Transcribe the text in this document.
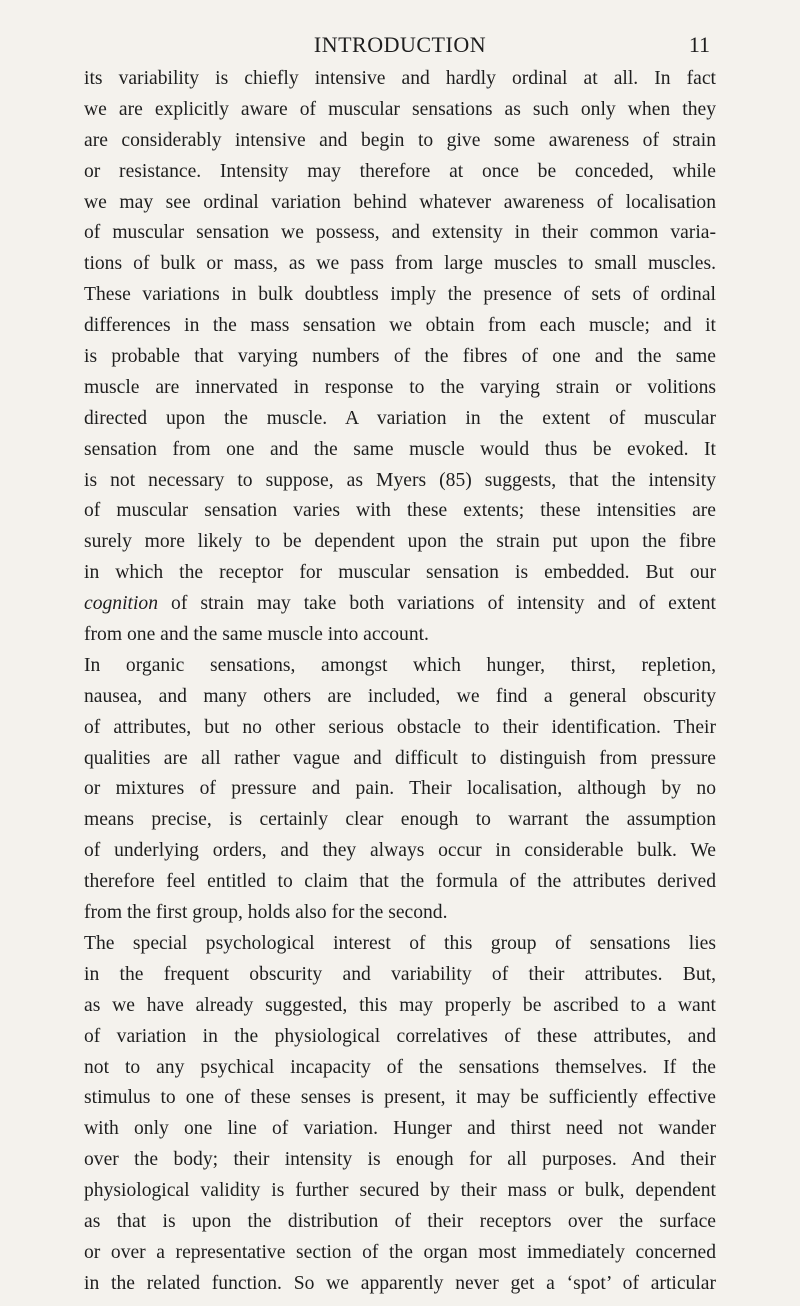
INTRODUCTION	11
its variability is chiefly intensive and hardly ordinal at all. In fact
we are explicitly aware of muscular sensations as such only when they
are considerably intensive and begin to give some awareness of strain
or resistance. Intensity may therefore at once be conceded, while
we may see ordinal variation behind whatever awareness of localisation
of muscular sensation we possess, and extensity in their common varia-
tions of bulk or mass, as we pass from large muscles to small muscles.
These variations in bulk doubtless imply the presence of sets of ordinal
differences in the mass sensation we obtain from each muscle; and it
is probable that varying numbers of the fibres of one and the same
muscle are innervated in response to the varying strain or volitions
directed upon the muscle. A variation in the extent of muscular
sensation from one and the same muscle would thus be evoked. It
is not necessary to suppose, as Myers (85) suggests, that the intensity
of muscular sensation varies with these extents; these intensities are
surely more likely to be dependent upon the strain put upon the fibre
in which the receptor for muscular sensation is embedded. But our
cognition of strain may take both variations of intensity and of extent
from one and the same muscle into account.
In organic sensations, amongst which hunger, thirst, repletion,
nausea, and many others are included, we find a general obscurity
of attributes, but no other serious obstacle to their identification. Their
qualities are all rather vague and difficult to distinguish from pressure
or mixtures of pressure and pain. Their localisation, although by no
means precise, is certainly clear enough to warrant the assumption
of underlying orders, and they always occur in considerable bulk. We
therefore feel entitled to claim that the formula of the attributes derived
from the first group, holds also for the second.
The special psychological interest of this group of sensations lies
in the frequent obscurity and variability of their attributes. But,
as we have already suggested, this may properly be ascribed to a want
of variation in the physiological correlatives of these attributes, and
not to any psychical incapacity of the sensations themselves. If the
stimulus to one of these senses is present, it may be sufficiently effective
with only one line of variation. Hunger and thirst need not wander
over the body; their intensity is enough for all purposes. And their
physiological validity is further secured by their mass or bulk, dependent
as that is upon the distribution of their receptors over the surface
or over a representative section of the organ most immediately concerned
in the related function. So we apparently never get a ‘spot’ of articular
